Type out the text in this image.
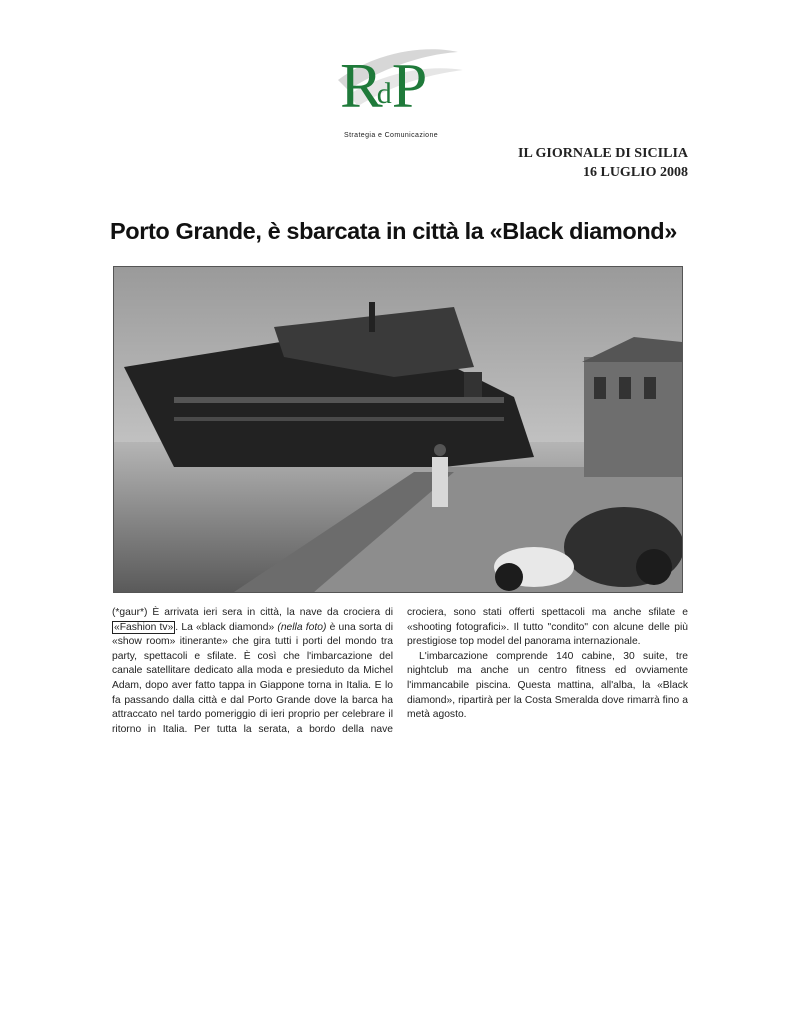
RdP
Strategia e Comunicazione
IL GIORNALE DI SICILIA
16 LUGLIO 2008
Porto Grande, è sbarcata in città la «Black diamond»

(*gaur*) È arrivata ieri sera in città, la nave da crociera di «Fashion tv» . La «black diamond» (nella foto) è una sorta di «show room» itinerante» che gira tutti i porti del mondo tra party, spettacoli e sfilate. È così che l'imbarcazione del canale satellitare dedicato alla moda e presieduto da Michel Adam, dopo aver fatto tappa in Giappone torna in Italia. E lo fa passando dalla città e dal Porto Grande dove la barca ha attraccato nel tardo pomeriggio di ieri proprio per celebrare il ritorno in Italia. Per tutta la serata, a bordo della nave crociera, sono stati offerti spettacoli ma anche sfilate e «shooting fotografici». Il tutto "condito" con alcune delle più prestigiose top model del panorama internazionale.

L'imbarcazione comprende 140 cabine, 30 suite, tre nightclub ma anche un centro fitness ed ovviamente l'immancabile piscina. Questa mattina, all'alba, la «Black diamond», ripartirà per la Costa Smeralda dove rimarrà fino a metà agosto.
